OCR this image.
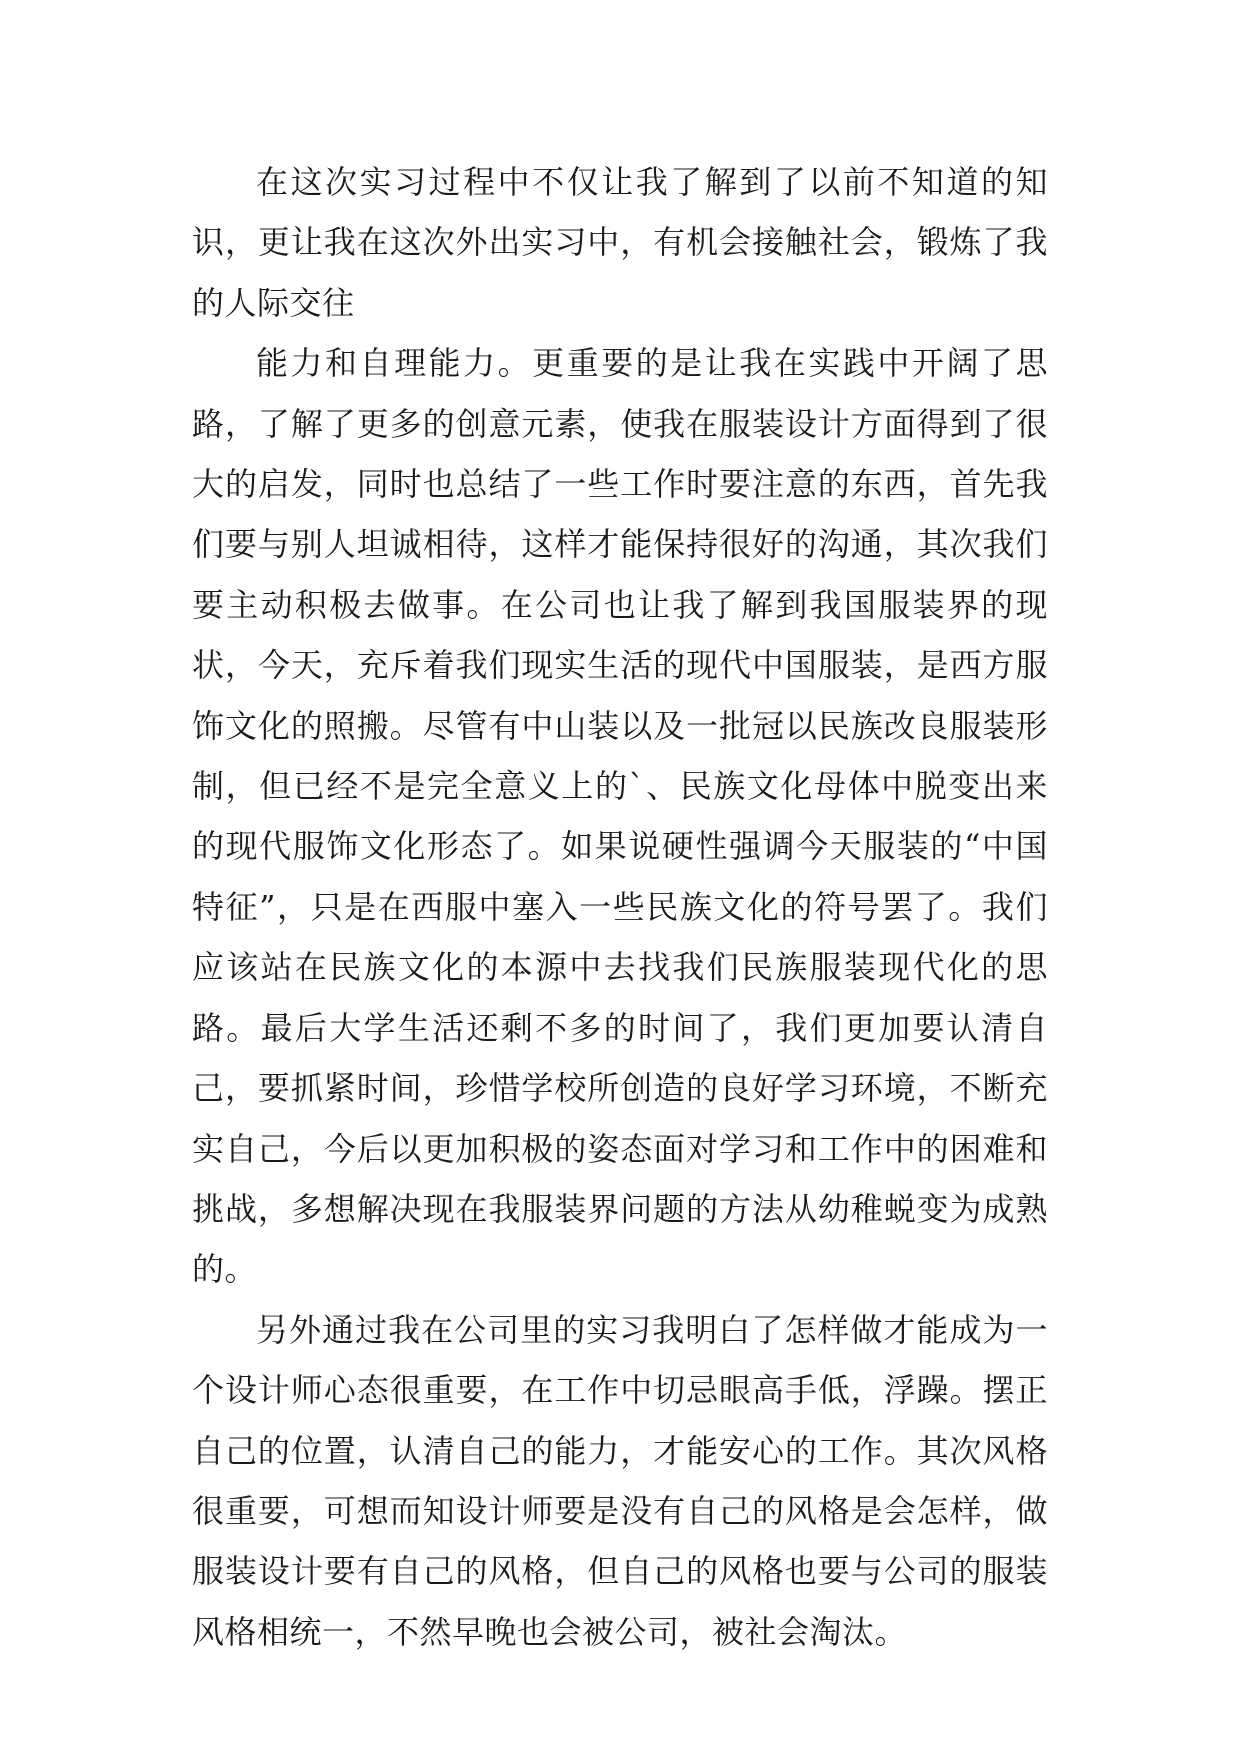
在这次实习过程中不仅让我了解到了以前不知道的知识，更让我在这次外出实习中，有机会接触社会，锻炼了我的人际交往

能力和自理能力。更重要的是让我在实践中开阔了思路，了解了更多的创意元素，使我在服装设计方面得到了很大的启发，同时也总结了一些工作时要注意的东西，首先我们要与别人坦诚相待，这样才能保持很好的沟通，其次我们要主动积极去做事。在公司也让我了解到我国服装界的现状，今天，充斥着我们现实生活的现代中国服装，是西方服饰文化的照搬。尽管有中山装以及一批冠以民族改良服装形制，但已经不是完全意义上的`、民族文化母体中脱变出来的现代服饰文化形态了。如果说硬性强调今天服装的“中国特征”，只是在西服中塞入一些民族文化的符号罢了。我们应该站在民族文化的本源中去找我们民族服装现代化的思路。最后大学生活还剩不多的时间了，我们更加要认清自己，要抓紧时间，珍惜学校所创造的良好学习环境，不断充实自己，今后以更加积极的姿态面对学习和工作中的困难和挑战，多想解决现在我服装界问题的方法从幼稚蜕变为成熟的。

另外通过我在公司里的实习我明白了怎样做才能成为一个设计师心态很重要，在工作中切忌眼高手低，浮躁。摆正自己的位置，认清自己的能力，才能安心的工作。其次风格很重要，可想而知设计师要是没有自己的风格是会怎样，做服装设计要有自己的风格，但自己的风格也要与公司的服装风格相统一，不然早晚也会被公司，被社会淘汰。
